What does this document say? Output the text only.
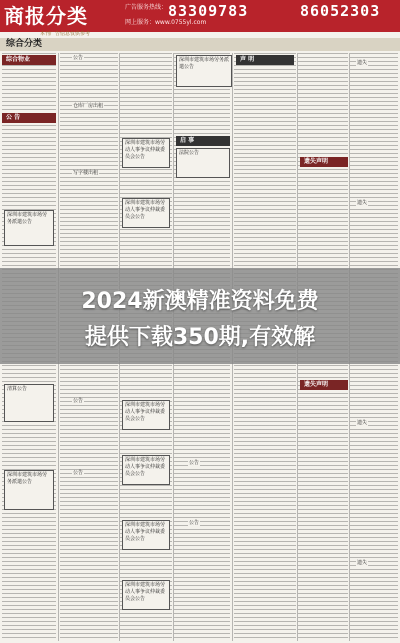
商报分类	广告服务热线：
网上服务：www.0755yl.com
83309783	86052303
本刊广告信息仅供参考
综合分类
综合物业
公 告
深圳市建筑市场劳务派遣公告
清算公告
深圳市建筑市场劳务派遣公告
公告
仓库厂房出租
写字楼出租
公告
公告
深圳市建筑市场劳动人事争议仲裁委员会公告
深圳市建筑市场劳动人事争议仲裁委员会公告
深圳市建筑市场劳动人事争议仲裁委员会公告
深圳市建筑市场劳动人事争议仲裁委员会公告
深圳市建筑市场劳动人事争议仲裁委员会公告
深圳市建筑市场劳动人事争议仲裁委员会公告
启 事
法院公告
公告
公告
深圳市建筑市场劳务派遣公告
声 明
遗失声明
遗失声明
遗失
遗失
遗失
遗失
2024新澳精准资料免费
提供下载350期,有效解
